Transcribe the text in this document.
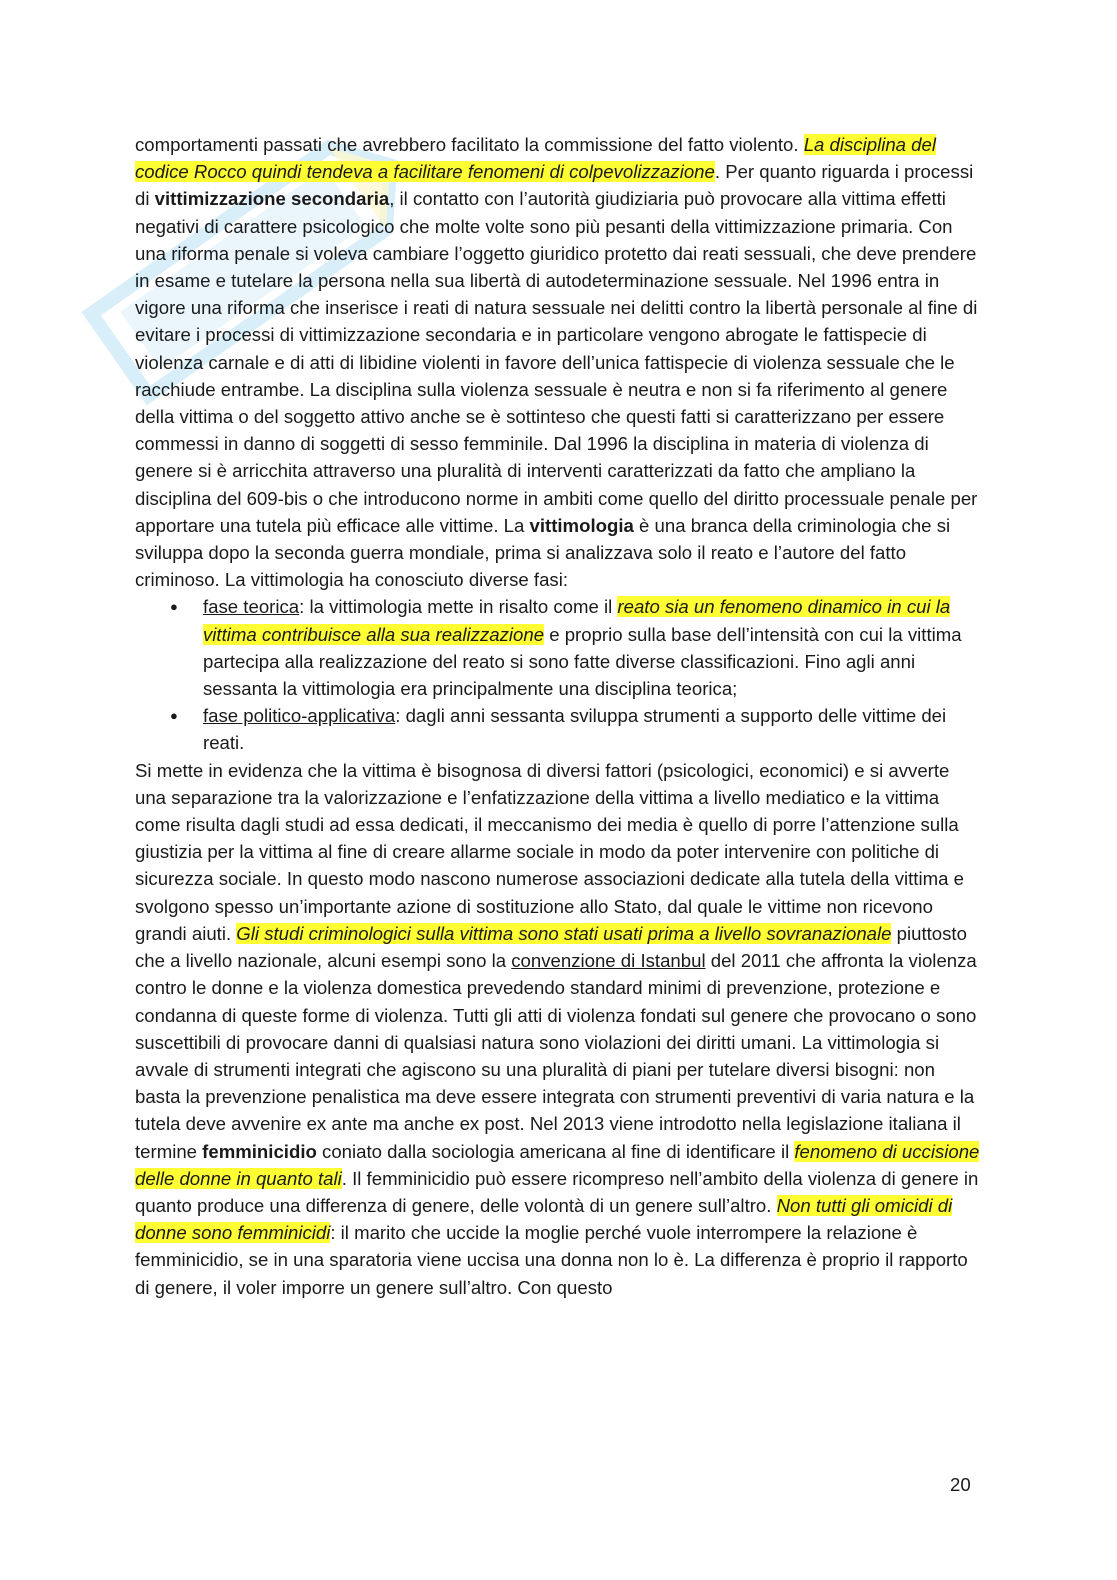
comportamenti passati che avrebbero facilitato la commissione del fatto violento. La disciplina del codice Rocco quindi tendeva a facilitare fenomeni di colpevolizzazione. Per quanto riguarda i processi di vittimizzazione secondaria, il contatto con l’autorità giudiziaria può provocare alla vittima effetti negativi di carattere psicologico che molte volte sono più pesanti della vittimizzazione primaria. Con una riforma penale si voleva cambiare l’oggetto giuridico protetto dai reati sessuali, che deve prendere in esame e tutelare la persona nella sua libertà di autodeterminazione sessuale. Nel 1996 entra in vigore una riforma che inserisce i reati di natura sessuale nei delitti contro la libertà personale al fine di evitare i processi di vittimizzazione secondaria e in particolare vengono abrogate le fattispecie di violenza carnale e di atti di libidine violenti in favore dell’unica fattispecie di violenza sessuale che le racchiude entrambe. La disciplina sulla violenza sessuale è neutra e non si fa riferimento al genere della vittima o del soggetto attivo anche se è sottinteso che questi fatti si caratterizzano per essere commessi in danno di soggetti di sesso femminile. Dal 1996 la disciplina in materia di violenza di genere si è arricchita attraverso una pluralità di interventi caratterizzati da fatto che ampliano la disciplina del 609-bis o che introducono norme in ambiti come quello del diritto processuale penale per apportare una tutela più efficace alle vittime. La vittimologia è una branca della criminologia che si sviluppa dopo la seconda guerra mondiale, prima si analizzava solo il reato e l’autore del fatto criminoso. La vittimologia ha conosciuto diverse fasi:

● fase teorica: la vittimologia mette in risalto come il reato sia un fenomeno dinamico in cui la vittima contribuisce alla sua realizzazione e proprio sulla base dell’intensità con cui la vittima partecipa alla realizzazione del reato si sono fatte diverse classificazioni. Fino agli anni sessanta la vittimologia era principalmente una disciplina teorica;
● fase politico-applicativa: dagli anni sessanta sviluppa strumenti a supporto delle vittime dei reati.

Si mette in evidenza che la vittima è bisognosa di diversi fattori (psicologici, economici) e si avverte una separazione tra la valorizzazione e l’enfatizzazione della vittima a livello mediatico e la vittima come risulta dagli studi ad essa dedicati, il meccanismo dei media è quello di porre l’attenzione sulla giustizia per la vittima al fine di creare allarme sociale in modo da poter intervenire con politiche di sicurezza sociale. In questo modo nascono numerose associazioni dedicate alla tutela della vittima e svolgono spesso un’importante azione di sostituzione allo Stato, dal quale le vittime non ricevono grandi aiuti. Gli studi criminologici sulla vittima sono stati usati prima a livello sovranazionale piuttosto che a livello nazionale, alcuni esempi sono la convenzione di Istanbul del 2011 che affronta la violenza contro le donne e la violenza domestica prevedendo standard minimi di prevenzione, protezione e condanna di queste forme di violenza. Tutti gli atti di violenza fondati sul genere che provocano o sono suscettibili di provocare danni di qualsiasi natura sono violazioni dei diritti umani. La vittimologia si avvale di strumenti integrati che agiscono su una pluralità di piani per tutelare diversi bisogni: non basta la prevenzione penalistica ma deve essere integrata con strumenti preventivi di varia natura e la tutela deve avvenire ex ante ma anche ex post. Nel 2013 viene introdotto nella legislazione italiana il termine femminicidio coniato dalla sociologia americana al fine di identificare il fenomeno di uccisione delle donne in quanto tali. Il femminicidio può essere ricompreso nell’ambito della violenza di genere in quanto produce una differenza di genere, delle volontà di un genere sull’altro. Non tutti gli omicidi di donne sono femminicidi: il marito che uccide la moglie perché vuole interrompere la relazione è femminicidio, se in una sparatoria viene uccisa una donna non lo è. La differenza è proprio il rapporto di genere, il voler imporre un genere sull’altro. Con questo

20
